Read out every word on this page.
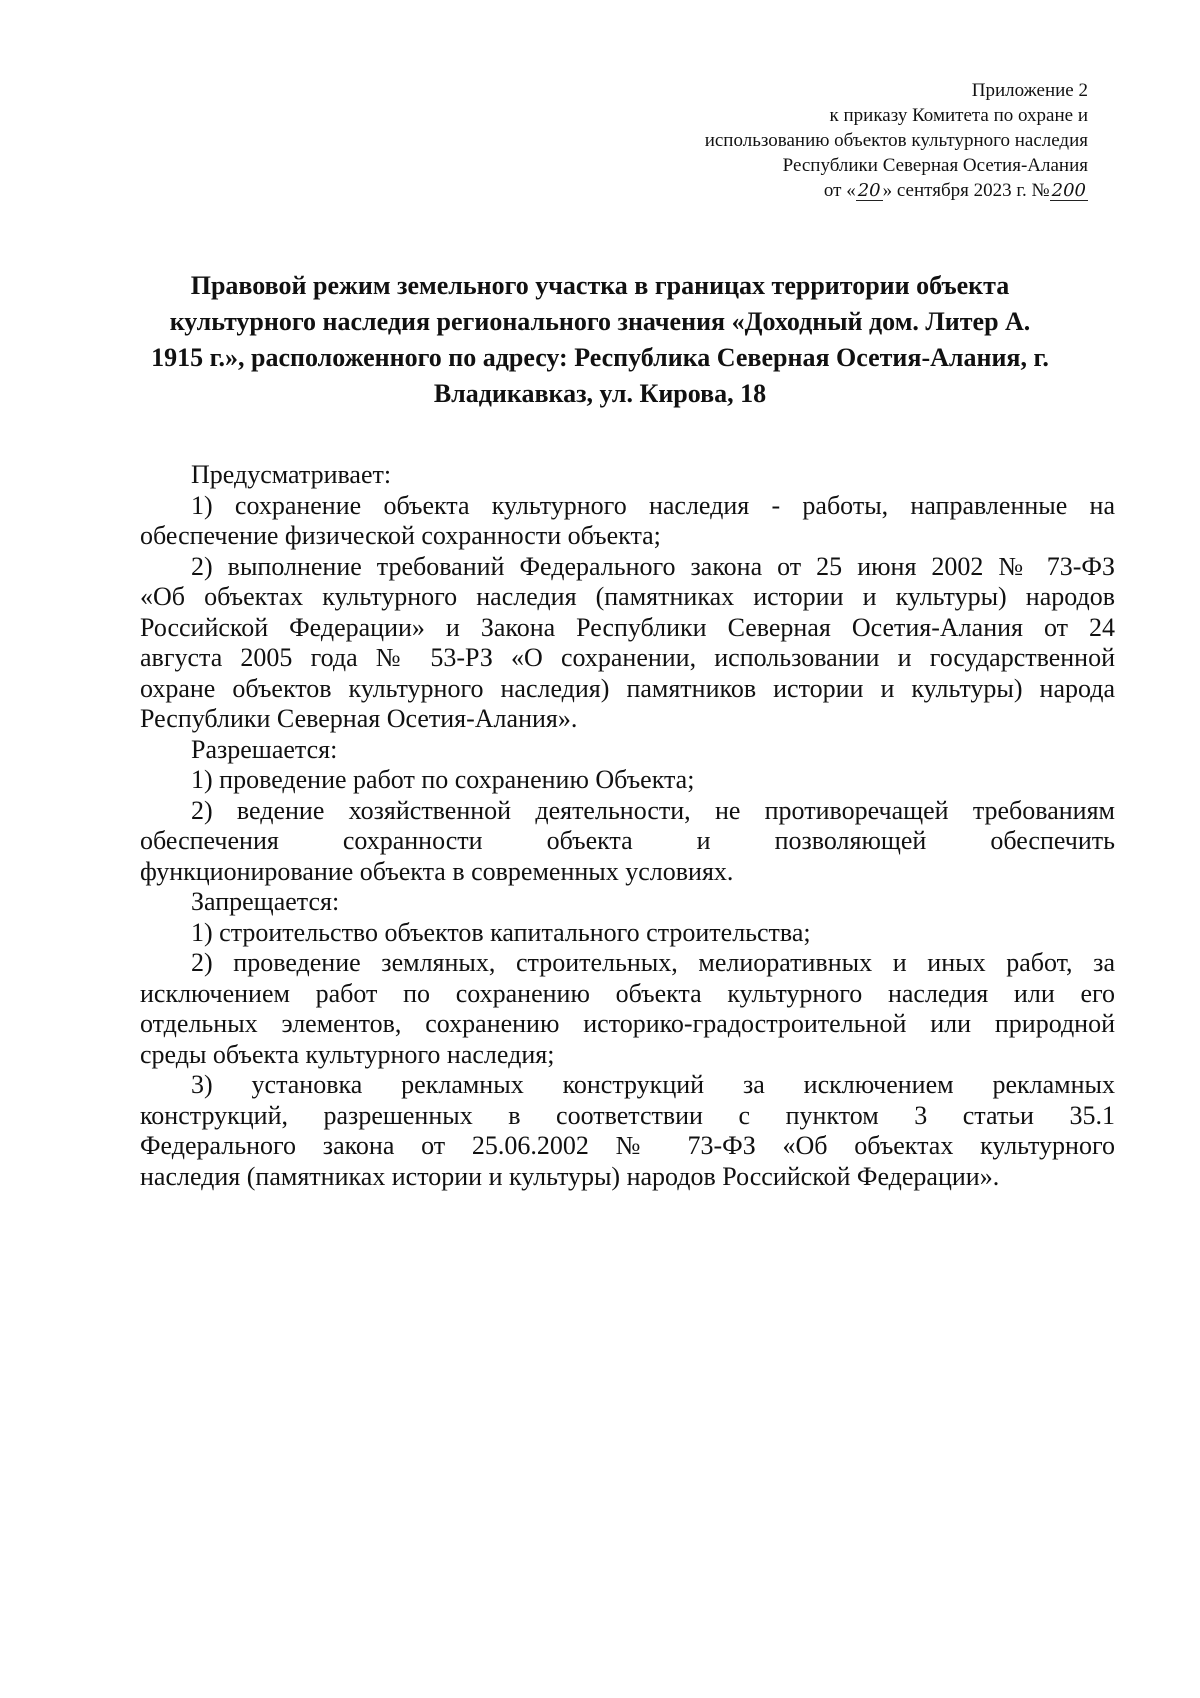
Приложение 2
к приказу Комитета по охране и
использованию объектов культурного наследия
Республики Северная Осетия-Алания
от « 20 » сентября 2023 г. № 200
Правовой режим земельного участка в границах территории объекта
культурного наследия регионального значения «Доходный дом. Литер А.
1915 г.», расположенного по адресу: Республика Северная Осетия-Алания, г.
Владикавказ, ул. Кирова, 18
Предусматривает:
1) сохранение объекта культурного наследия - работы, направленные на
обеспечение физической сохранности объекта;
2) выполнение требований Федерального закона от 25 июня 2002 № 73-ФЗ
«Об объектах культурного наследия (памятниках истории и культуры) народов
Российской Федерации» и Закона Республики Северная Осетия-Алания от 24
августа 2005 года № 53-РЗ «О сохранении, использовании и государственной
охране объектов культурного наследия) памятников истории и культуры) народа
Республики Северная Осетия-Алания».
Разрешается:
1) проведение работ по сохранению Объекта;
2) ведение хозяйственной деятельности, не противоречащей требованиям
обеспечения сохранности объекта и позволяющей обеспечить
функционирование объекта в современных условиях.
Запрещается:
1) строительство объектов капитального строительства;
2) проведение земляных, строительных, мелиоративных и иных работ, за
исключением работ по сохранению объекта культурного наследия или его
отдельных элементов, сохранению историко-градостроительной или природной
среды объекта культурного наследия;
3) установка рекламных конструкций за исключением рекламных
конструкций, разрешенных в соответствии с пунктом 3 статьи 35.1
Федерального закона от 25.06.2002 № 73-ФЗ «Об объектах культурного
наследия (памятниках истории и культуры) народов Российской Федерации».
